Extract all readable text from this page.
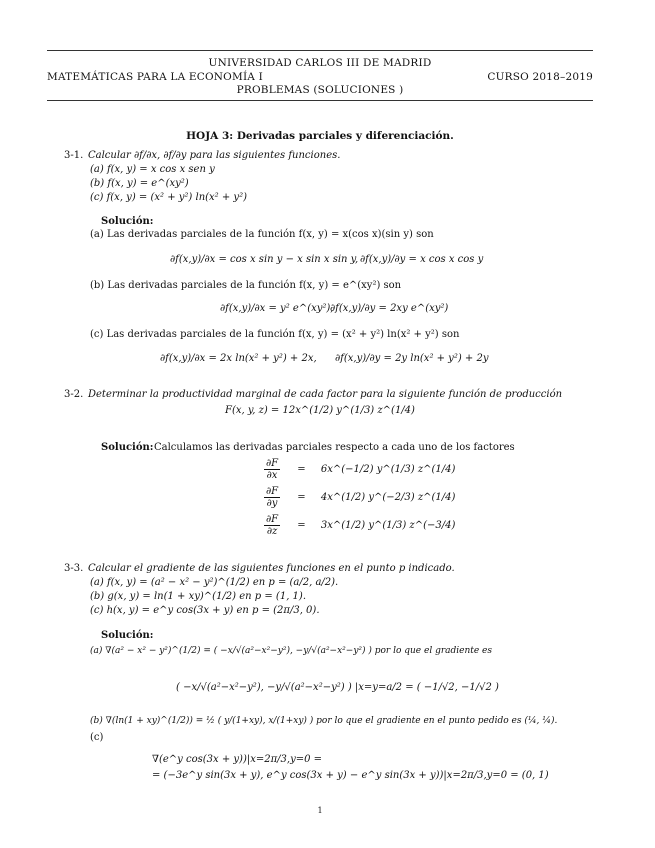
UNIVERSIDAD CARLOS III DE MADRID
MATEMÁTICAS PARA LA ECONOMÍA I	CURSO 2018–2019
PROBLEMAS (SOLUCIONES )
HOJA 3: Derivadas parciales y diferenciación.
3-1. Calcular ∂f/∂x, ∂f/∂y para las siguientes funciones.
(a) f(x, y) = x cos x sen y
(b) f(x, y) = e^(xy²)
(c) f(x, y) = (x² + y²) ln(x² + y²)
Solución:
(a) Las derivadas parciales de la función f(x, y) = x(cos x)(sin y) son
∂f(x,y)/∂x = cos x sin y − x sin x sin y, ∂f(x,y)/∂y = x cos x cos y
(b) Las derivadas parciales de la función f(x, y) = e^(xy²) son
∂f(x,y)/∂x = y² e^(xy²),
∂f(x,y)/∂y = 2xy e^(xy²)
(c) Las derivadas parciales de la función f(x, y) = (x² + y²) ln(x² + y²) son
∂f(x,y)/∂x = 2x ln(x² + y²) + 2x, ∂f(x,y)/∂y = 2y ln(x² + y²) + 2y
3-2. Determinar la productividad marginal de cada factor para la siguiente función de producción
F(x, y, z) = 12x^(1/2) y^(1/3) z^(1/4)
Solución: Calculamos las derivadas parciales respecto a cada uno de los factores
$\frac{\partial F}{\partial x}$ = 6x^(−1/2) y^(1/3) z^(1/4)
$\frac{\partial F}{\partial y}$ = 4x^(1/2) y^(−2/3) z^(1/4)
$\frac{\partial F}{\partial z}$ = 3x^(1/2) y^(1/3) z^(−3/4)
3-3. Calcular el gradiente de las siguientes funciones en el punto p indicado.
(a) f(x, y) = (a² − x² − y²)^(1/2) en p = (a/2, a/2).
(b) g(x, y) = ln(1 + xy)^(1/2) en p = (1, 1).
(c) h(x, y) = e^y cos(3x + y) en p = (2π/3, 0).
Solución:
(a) ∇(a² − x² − y²)^(1/2) = ( −x/√(a²−x²−y²), −y/√(a²−x²−y²) ) por lo que el gradiente es
( −x/√(a²−x²−y²), −y/√(a²−x²−y²) ) |x=y=a/2 = ( −1/√2, −1/√2 )
(b) ∇(ln(1 + xy)^(1/2)) = ½ ( y/(1+xy), x/(1+xy) ) por lo que el gradiente en el punto pedido es (¼, ¼).
(c)
∇(e^y cos(3x + y))|x=2π/3,y=0 =
= (−3e^y sin(3x + y), e^y cos(3x + y) − e^y sin(3x + y))|x=2π/3,y=0 = (0, 1)
1
